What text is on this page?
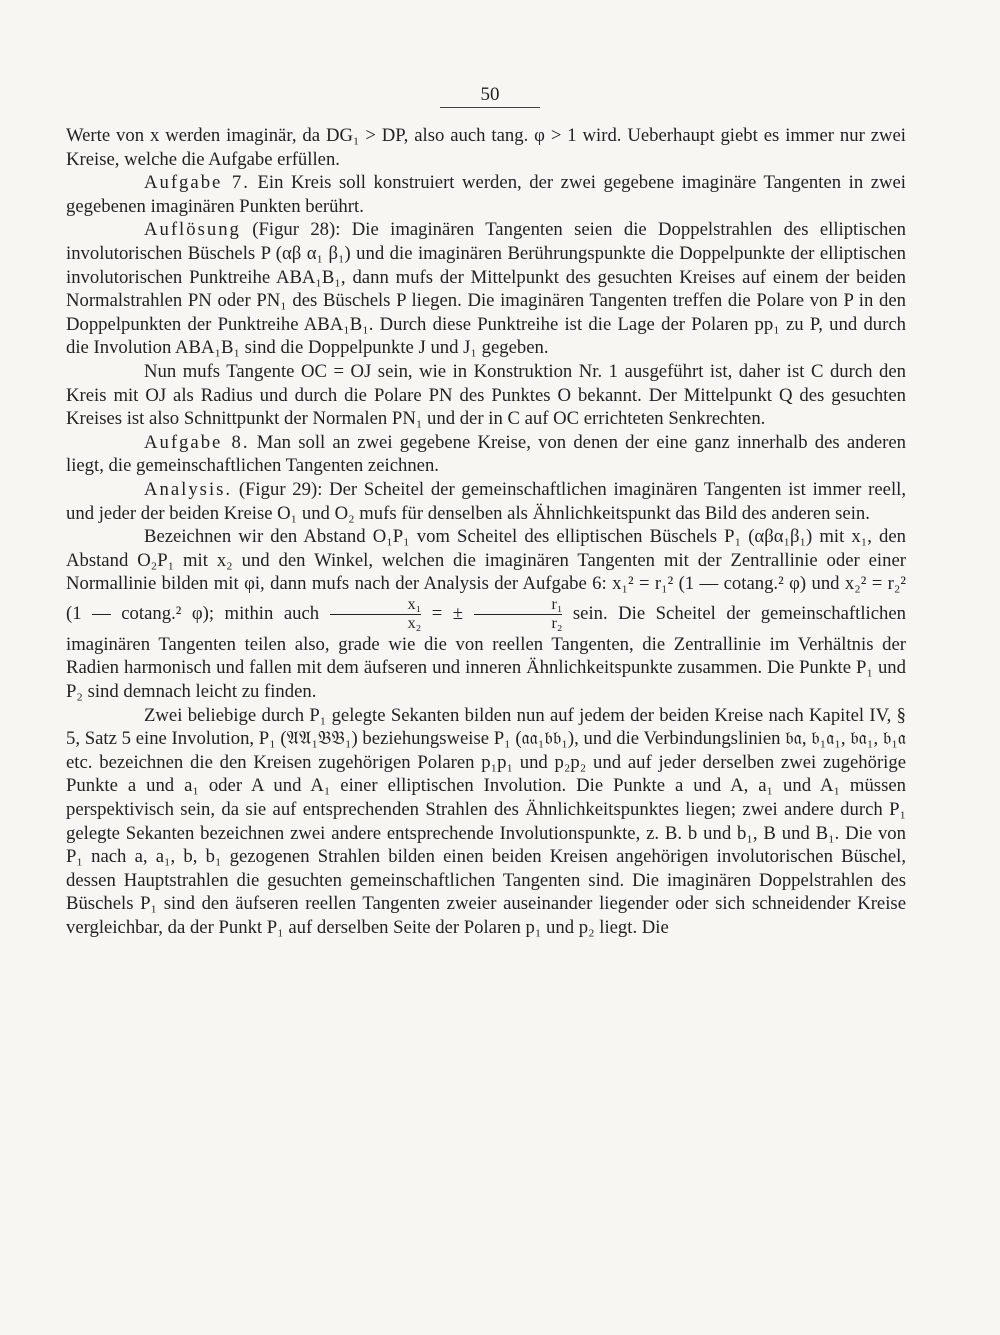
50

Werte von x werden imaginär, da DG₁ > DP, also auch tang. φ > 1 wird. Ueberhaupt giebt es immer nur zwei Kreise, welche die Aufgabe erfüllen.

Aufgabe 7. Ein Kreis soll konstruiert werden, der zwei gegebene imaginäre Tangenten in zwei gegebenen imaginären Punkten berührt.

Auflösung (Figur 28): Die imaginären Tangenten seien die Doppelstrahlen des elliptischen involutorischen Büschels P (αβ α₁ β₁) und die imaginären Berührungspunkte die Doppelpunkte der elliptischen involutorischen Punktreihe ABA₁B₁, dann mufs der Mittelpunkt des gesuchten Kreises auf einem der beiden Normalstrahlen PN oder PN₁ des Büschels P liegen. Die imaginären Tangenten treffen die Polare von P in den Doppelpunkten der Punktreihe ABA₁B₁. Durch diese Punktreihe ist die Lage der Polaren pp₁ zu P, und durch die Involution ABA₁B₁ sind die Doppelpunkte J und J₁ gegeben.

Nun mufs Tangente OC = OJ sein, wie in Konstruktion Nr. 1 ausgeführt ist, daher ist C durch den Kreis mit OJ als Radius und durch die Polare PN des Punktes O bekannt. Der Mittelpunkt Q des gesuchten Kreises ist also Schnittpunkt der Normalen PN₁ und der in C auf OC errichteten Senkrechten.

Aufgabe 8. Man soll an zwei gegebene Kreise, von denen der eine ganz innerhalb des anderen liegt, die gemeinschaftlichen Tangenten zeichnen.

Analysis. (Figur 29): Der Scheitel der gemeinschaftlichen imaginären Tangenten ist immer reell, und jeder der beiden Kreise O₁ und O₂ mufs für denselben als Ähnlichkeitspunkt das Bild des anderen sein.

Bezeichnen wir den Abstand O₁P₁ vom Scheitel des elliptischen Büschels P₁ (αβα₁β₁) mit x₁, den Abstand O₂P₁ mit x₂ und den Winkel, welchen die imaginären Tangenten mit der Zentrallinie oder einer Normallinie bilden mit φi, dann mufs nach der Analysis der Aufgabe 6: x₁² = r₁² (1 — cotang.² φ) und x₂² = r₂² (1 — cotang.² φ); mithin auch $\frac{\text{x₁}}{\text{x₂}}$ = ± $\frac{\text{r₁}}{\text{r₂}}$ sein. Die Scheitel der gemeinschaftlichen imaginären Tangenten teilen also, grade wie die von reellen Tangenten, die Zentrallinie im Verhältnis der Radien harmonisch und fallen mit dem äufseren und inneren Ähnlichkeitspunkte zusammen. Die Punkte P₁ und P₂ sind demnach leicht zu finden.

Zwei beliebige durch P₁ gelegte Sekanten bilden nun auf jedem der beiden Kreise nach Kapitel IV, § 5, Satz 5 eine Involution, P₁ (𝔄𝔄₁𝔅𝔅₁) beziehungsweise P₁ (𝔞𝔞₁𝔟𝔟₁), und die Verbindungslinien 𝔟𝔞, 𝔟₁𝔞₁, 𝔟𝔞₁, 𝔟₁𝔞 etc. bezeichnen die den Kreisen zugehörigen Polaren p₁p₁ und p₂p₂ und auf jeder derselben zwei zugehörige Punkte a und a₁ oder A und A₁ einer elliptischen Involution. Die Punkte a und A, a₁ und A₁ müssen perspektivisch sein, da sie auf entsprechenden Strahlen des Ähnlichkeitspunktes liegen; zwei andere durch P₁ gelegte Sekanten bezeichnen zwei andere entsprechende Involutionspunkte, z. B. b und b₁, B und B₁. Die von P₁ nach a, a₁, b, b₁ gezogenen Strahlen bilden einen beiden Kreisen angehörigen involutorischen Büschel, dessen Hauptstrahlen die gesuchten gemeinschaftlichen Tangenten sind. Die imaginären Doppelstrahlen des Büschels P₁ sind den äufseren reellen Tangenten zweier auseinander liegender oder sich schneidender Kreise vergleichbar, da der Punkt P₁ auf derselben Seite der Polaren p₁ und p₂ liegt. Die
